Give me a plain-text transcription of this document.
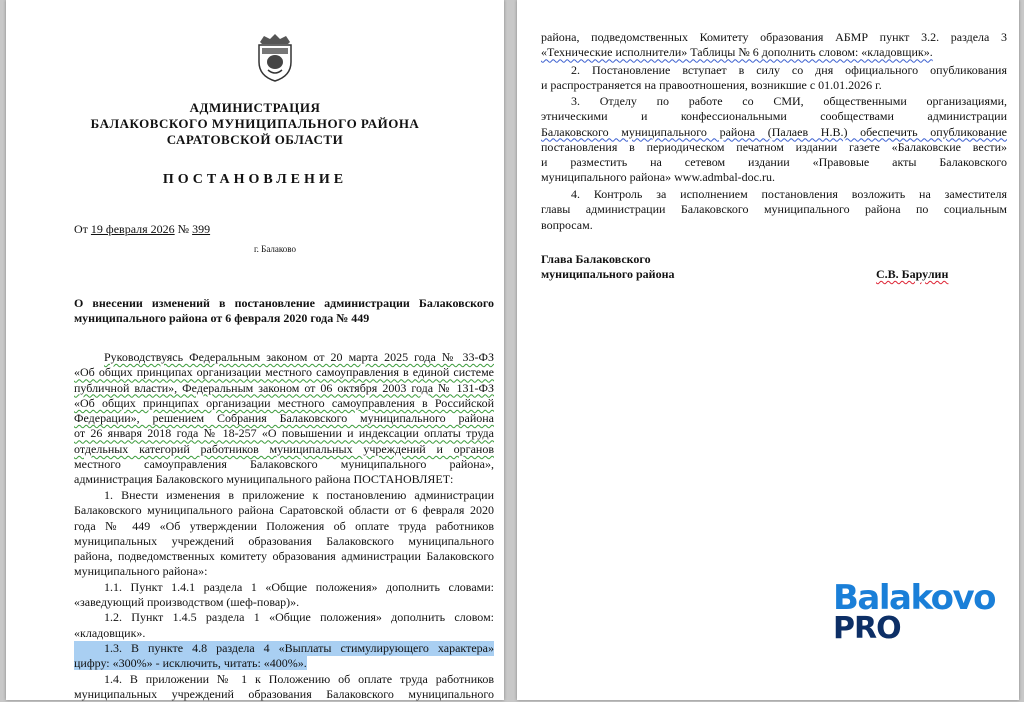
АДМИНИСТРАЦИЯ
БАЛАКОВСКОГО МУНИЦИПАЛЬНОГО РАЙОНА
САРАТОВСКОЙ ОБЛАСТИ
ПОСТАНОВЛЕНИЕ
От 19 февраля 2026 № 399
г. Балаково
О внесении изменений в постановление администрации Балаковского
муниципального района от 6 февраля 2020 года № 449
Руководствуясь Федеральным законом от 20 марта 2025 года № 33-ФЗ
«Об общих принципах организации местного самоуправления в единой системе
публичной власти», Федеральным законом от 06 октября 2003 года № 131-ФЗ
«Об общих принципах организации местного самоуправления в Российской
Федерации», решением Собрания Балаковского муниципального района
от 26 января 2018 года № 18-257 «О повышении и индексации оплаты труда
отдельных категорий работников муниципальных учреждений и органов
местного самоуправления Балаковского муниципального района»,
администрация Балаковского муниципального района ПОСТАНОВЛЯЕТ:
1. Внести изменения в приложение к постановлению администрации
Балаковского муниципального района Саратовской области от 6 февраля 2020
года № 449 «Об утверждении Положения об оплате труда работников
муниципальных учреждений образования Балаковского муниципального
района, подведомственных комитету образования администрации Балаковского
муниципального района»:
1.1. Пункт 1.4.1 раздела 1 «Общие положения» дополнить словами:
«заведующий производством (шеф-повар)».
1.2. Пункт 1.4.5 раздела 1 «Общие положения» дополнить словом:
«кладовщик».
1.3. В пункте 4.8 раздела 4 «Выплаты стимулирующего характера»
цифру: «300%» - исключить, читать: «400%».
1.4. В приложении № 1 к Положению об оплате труда работников
муниципальных учреждений образования Балаковского муниципального
района, подведомственных Комитету образования АБМР пункт 3.2. раздела 3
«Технические исполнители» Таблицы № 6 дополнить словом: «кладовщик».
2. Постановление вступает в силу со дня официального опубликования
и распространяется на правоотношения, возникшие с 01.01.2026 г.
3. Отделу по работе со СМИ, общественными организациями,
этническими и конфессиональными сообществами администрации
Балаковского муниципального района (Палаев Н.В.) обеспечить опубликование
постановления в периодическом печатном издании газете «Балаковские вести»
и разместить на сетевом издании «Правовые акты Балаковского
муниципального района» www.admbal-doc.ru.
4. Контроль за исполнением постановления возложить на заместителя
главы администрации Балаковского муниципального района по социальным
вопросам.
Глава Балаковского
муниципального района	С.В. Барулин
Balakovo
PRO
